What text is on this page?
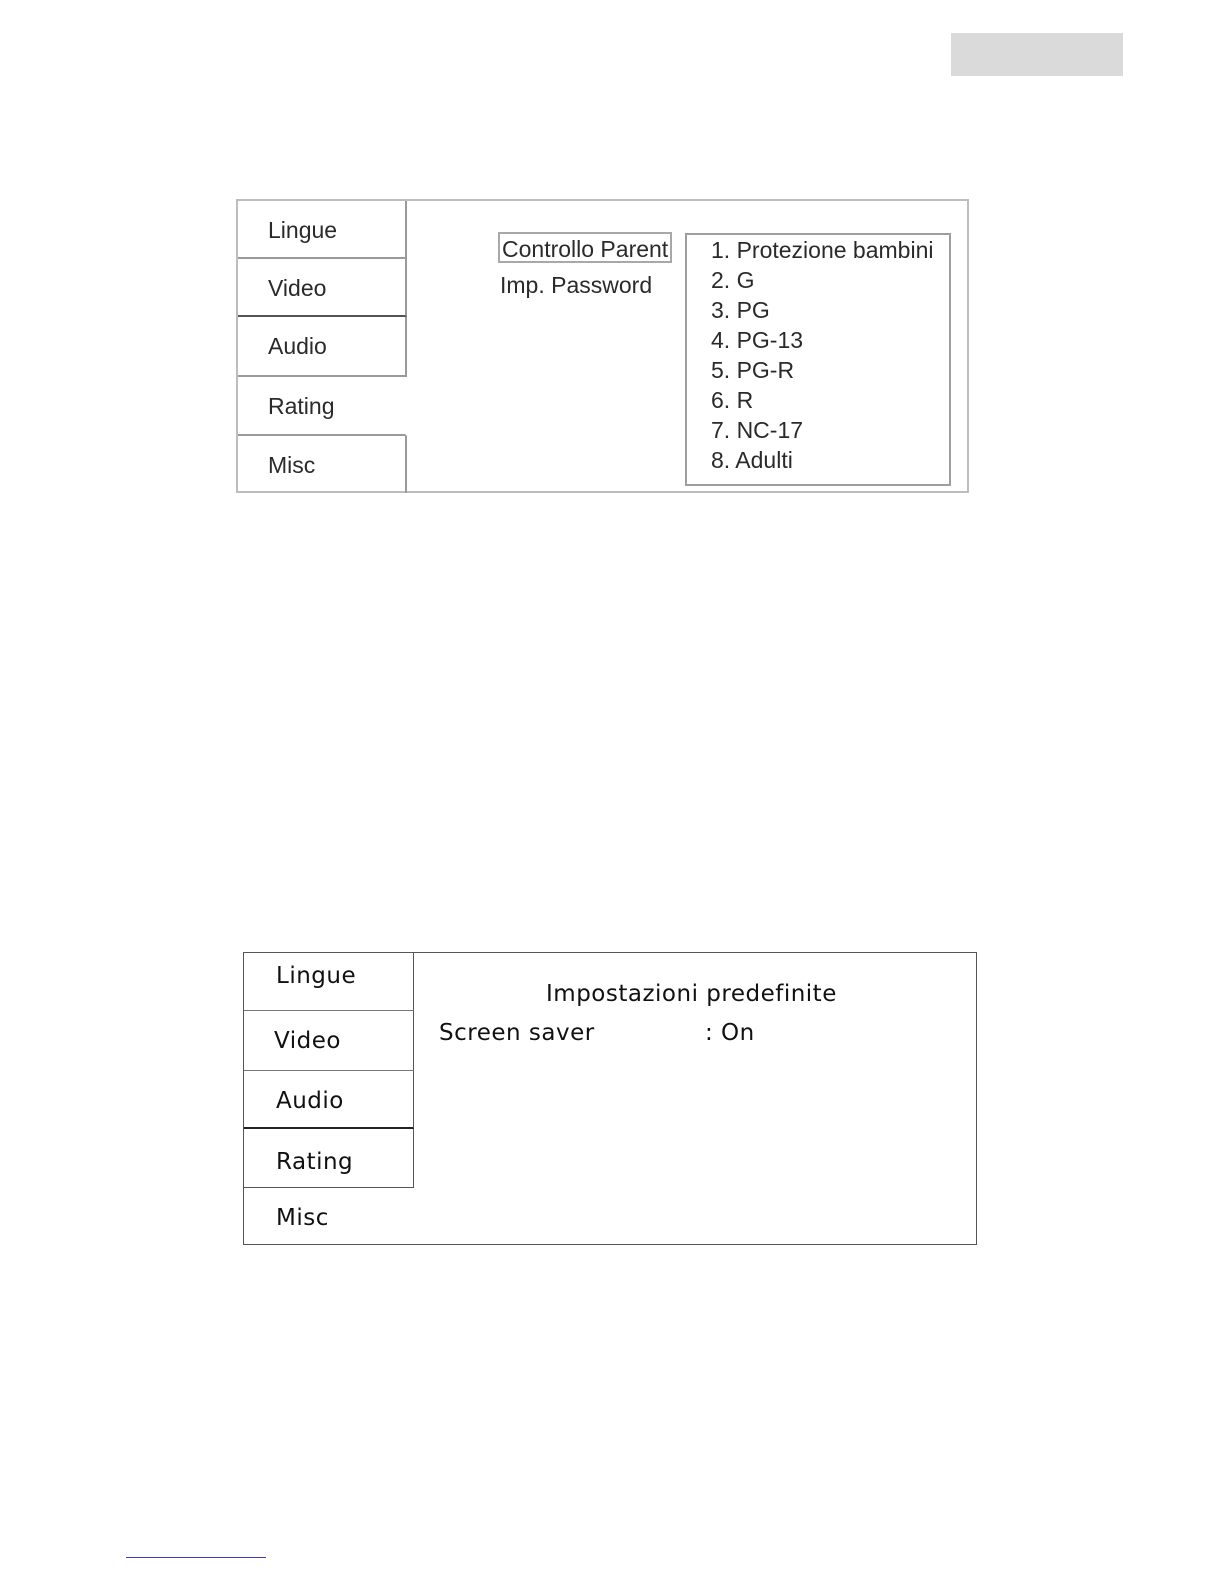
Lingue
Video
Audio
Rating
Misc
Controllo Parent
Imp. Password
1. Protezione bambini
2. G
3. PG
4. PG-13
5. PG-R
6. R
7. NC-17
8. Adulti
Lingue
Video
Audio
Rating
Misc
Impostazioni predefinite
Screen saver	: On
